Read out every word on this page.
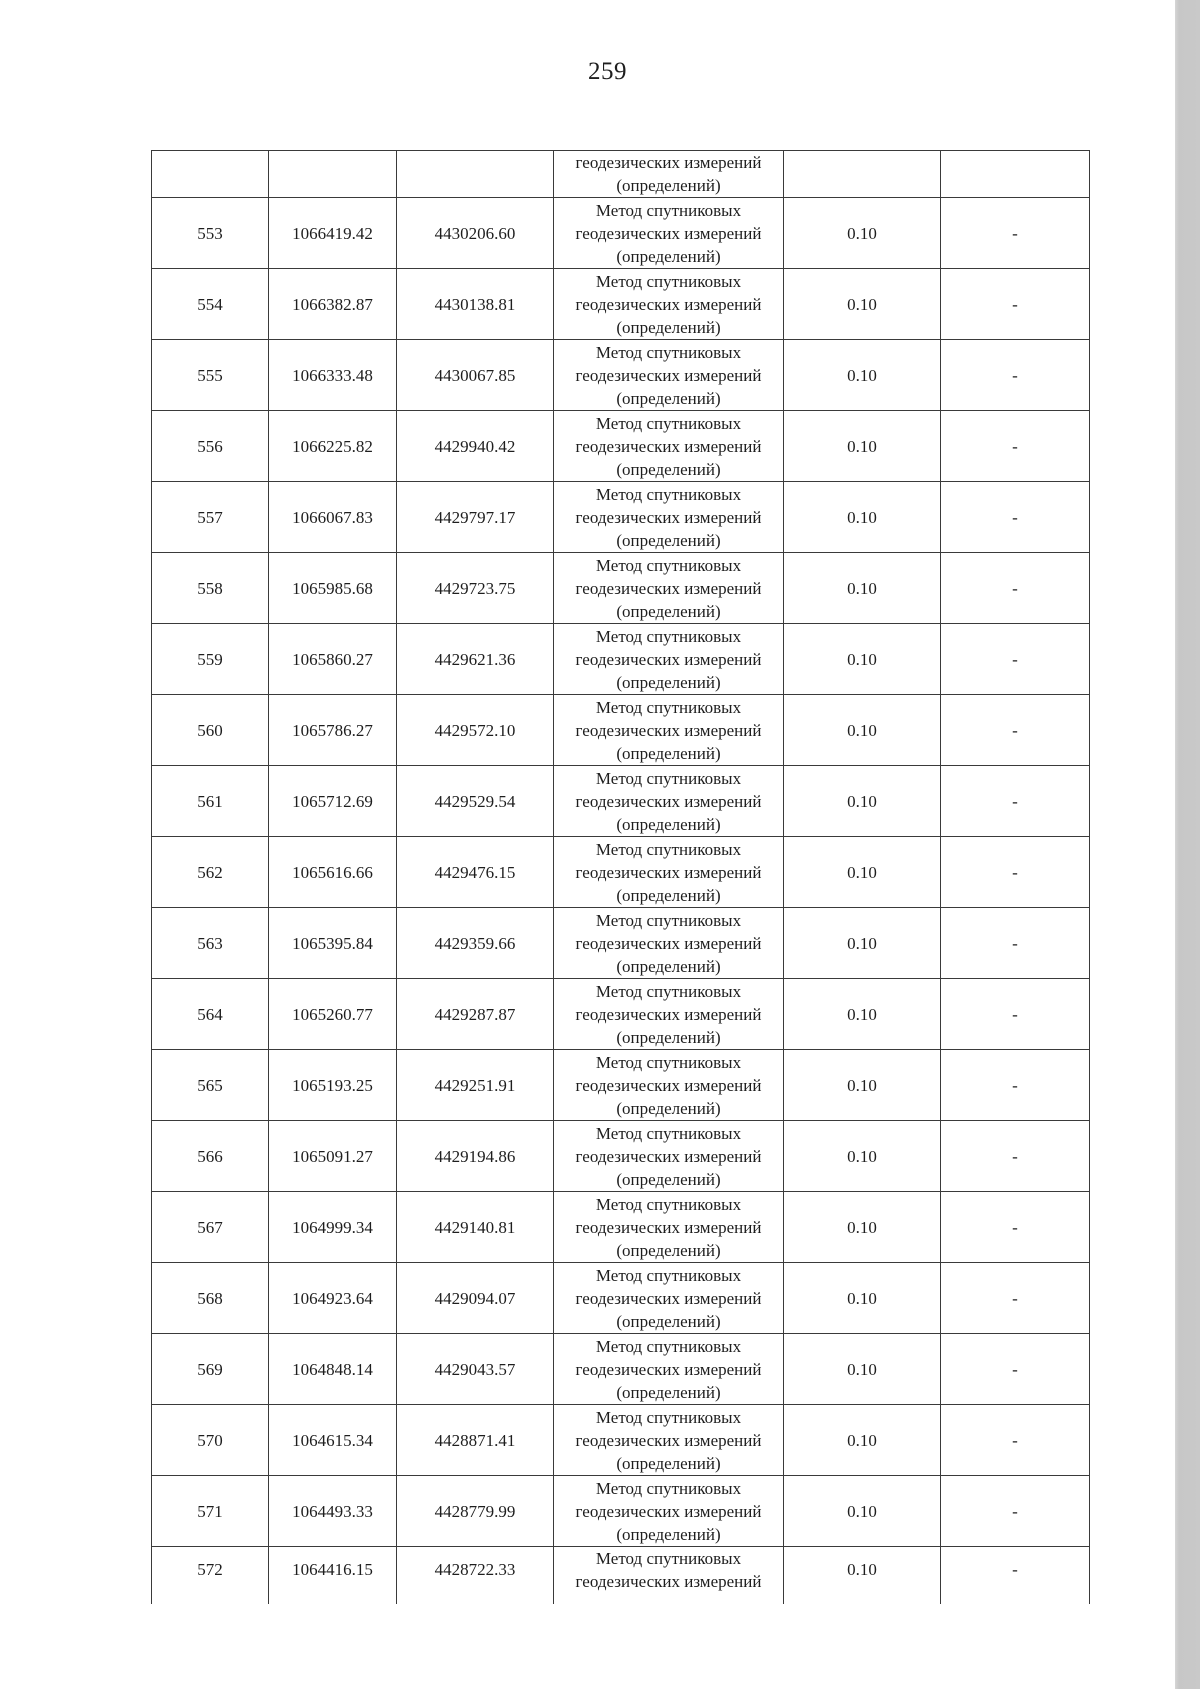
259

			геодезических измерений
(определений)		

553	1066419.42	4430206.60	Метод спутниковых
геодезических измерений
(определений)	0.10	-
554	1066382.87	4430138.81	Метод спутниковых
геодезических измерений
(определений)	0.10	-
555	1066333.48	4430067.85	Метод спутниковых
геодезических измерений
(определений)	0.10	-
556	1066225.82	4429940.42	Метод спутниковых
геодезических измерений
(определений)	0.10	-
557	1066067.83	4429797.17	Метод спутниковых
геодезических измерений
(определений)	0.10	-
558	1065985.68	4429723.75	Метод спутниковых
геодезических измерений
(определений)	0.10	-
559	1065860.27	4429621.36	Метод спутниковых
геодезических измерений
(определений)	0.10	-
560	1065786.27	4429572.10	Метод спутниковых
геодезических измерений
(определений)	0.10	-
561	1065712.69	4429529.54	Метод спутниковых
геодезических измерений
(определений)	0.10	-
562	1065616.66	4429476.15	Метод спутниковых
геодезических измерений
(определений)	0.10	-
563	1065395.84	4429359.66	Метод спутниковых
геодезических измерений
(определений)	0.10	-
564	1065260.77	4429287.87	Метод спутниковых
геодезических измерений
(определений)	0.10	-
565	1065193.25	4429251.91	Метод спутниковых
геодезических измерений
(определений)	0.10	-
566	1065091.27	4429194.86	Метод спутниковых
геодезических измерений
(определений)	0.10	-
567	1064999.34	4429140.81	Метод спутниковых
геодезических измерений
(определений)	0.10	-
568	1064923.64	4429094.07	Метод спутниковых
геодезических измерений
(определений)	0.10	-
569	1064848.14	4429043.57	Метод спутниковых
геодезических измерений
(определений)	0.10	-
570	1064615.34	4428871.41	Метод спутниковых
геодезических измерений
(определений)	0.10	-
571	1064493.33	4428779.99	Метод спутниковых
геодезических измерений
(определений)	0.10	-
572	1064416.15	4428722.33	Метод спутниковых
геодезических измерений	0.10	-
